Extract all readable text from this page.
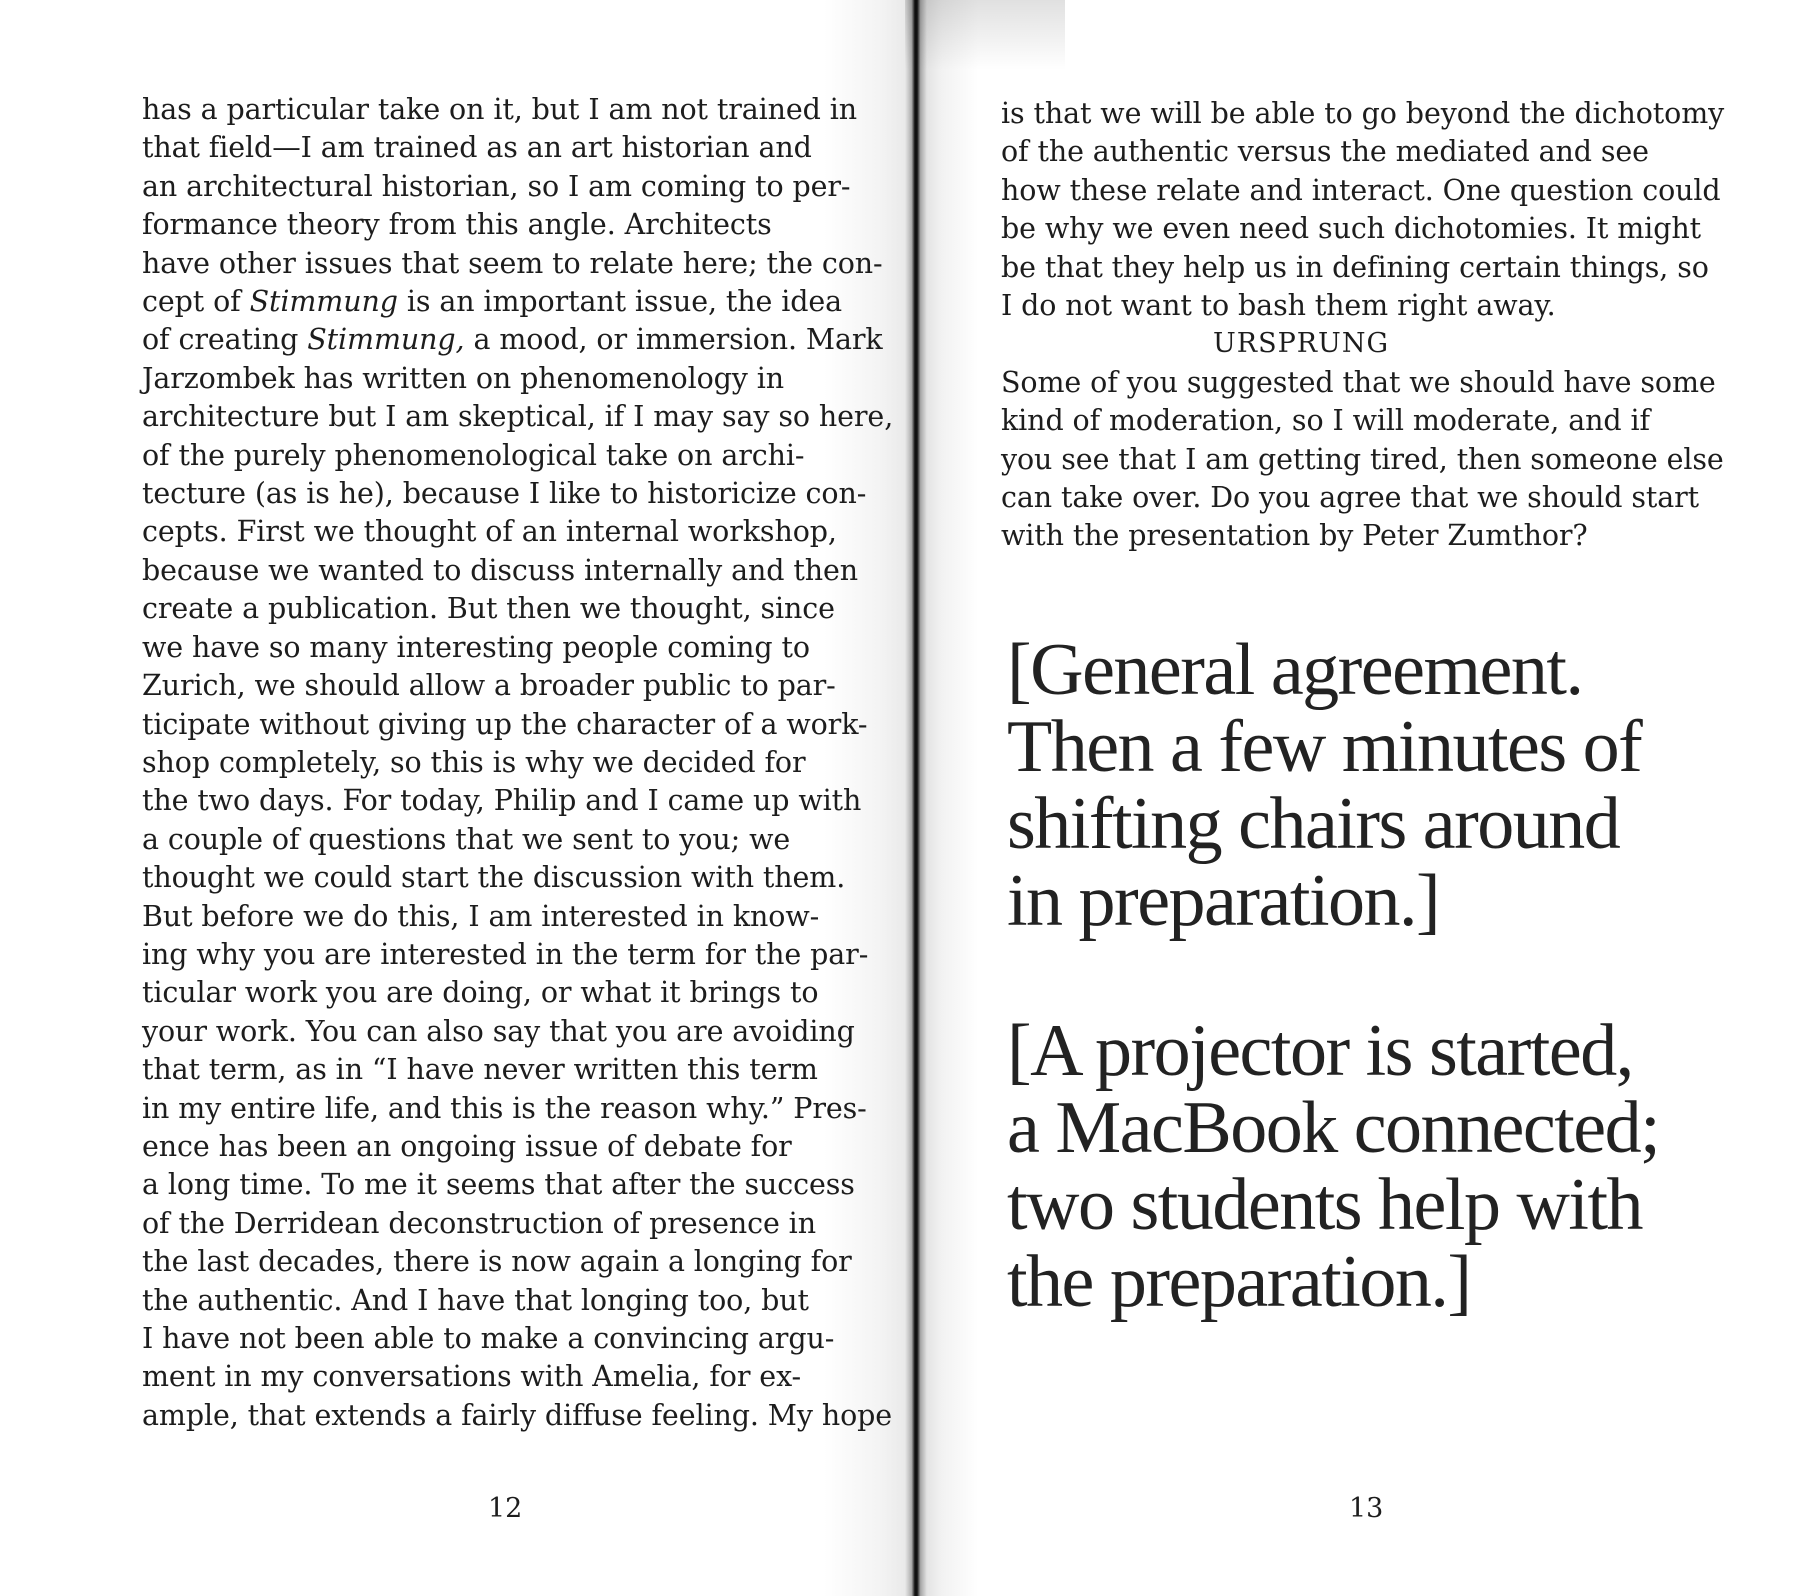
has a particular take on it, but I am not trained in
that field—I am trained as an art historian and
an architectural historian, so I am coming to per-
formance theory from this angle. Architects
have other issues that seem to relate here; the con-
cept of Stimmung is an important issue, the idea
of creating Stimmung, a mood, or immersion. Mark
Jarzombek has written on phenomenology in
architecture but I am skeptical, if I may say so here,
of the purely phenomenological take on archi-
tecture (as is he), because I like to historicize con-
cepts. First we thought of an internal workshop,
because we wanted to discuss internally and then
create a publication. But then we thought, since
we have so many interesting people coming to
Zurich, we should allow a broader public to par-
ticipate without giving up the character of a work-
shop completely, so this is why we decided for
the two days. For today, Philip and I came up with
a couple of questions that we sent to you; we
thought we could start the discussion with them.
But before we do this, I am interested in know-
ing why you are interested in the term for the par-
ticular work you are doing, or what it brings to
your work. You can also say that you are avoiding
that term, as in “I have never written this term
in my entire life, and this is the reason why.” Pres-
ence has been an ongoing issue of debate for
a long time. To me it seems that after the success
of the Derridean deconstruction of presence in
the last decades, there is now again a longing for
the authentic. And I have that longing too, but
I have not been able to make a convincing argu-
ment in my conversations with Amelia, for ex-
ample, that extends a fairly diffuse feeling. My hope
12
is that we will be able to go beyond the dichotomy
of the authentic versus the mediated and see
how these relate and interact. One question could
be why we even need such dichotomies. It might
be that they help us in defining certain things, so
I do not want to bash them right away.
URSPRUNG
Some of you suggested that we should have some
kind of moderation, so I will moderate, and if
you see that I am getting tired, then someone else
can take over. Do you agree that we should start
with the presentation by Peter Zumthor?
[General agreement.
Then a few minutes of
shifting chairs around
in preparation.]
[A projector is started,
a MacBook connected;
two students help with
the preparation.]
13
